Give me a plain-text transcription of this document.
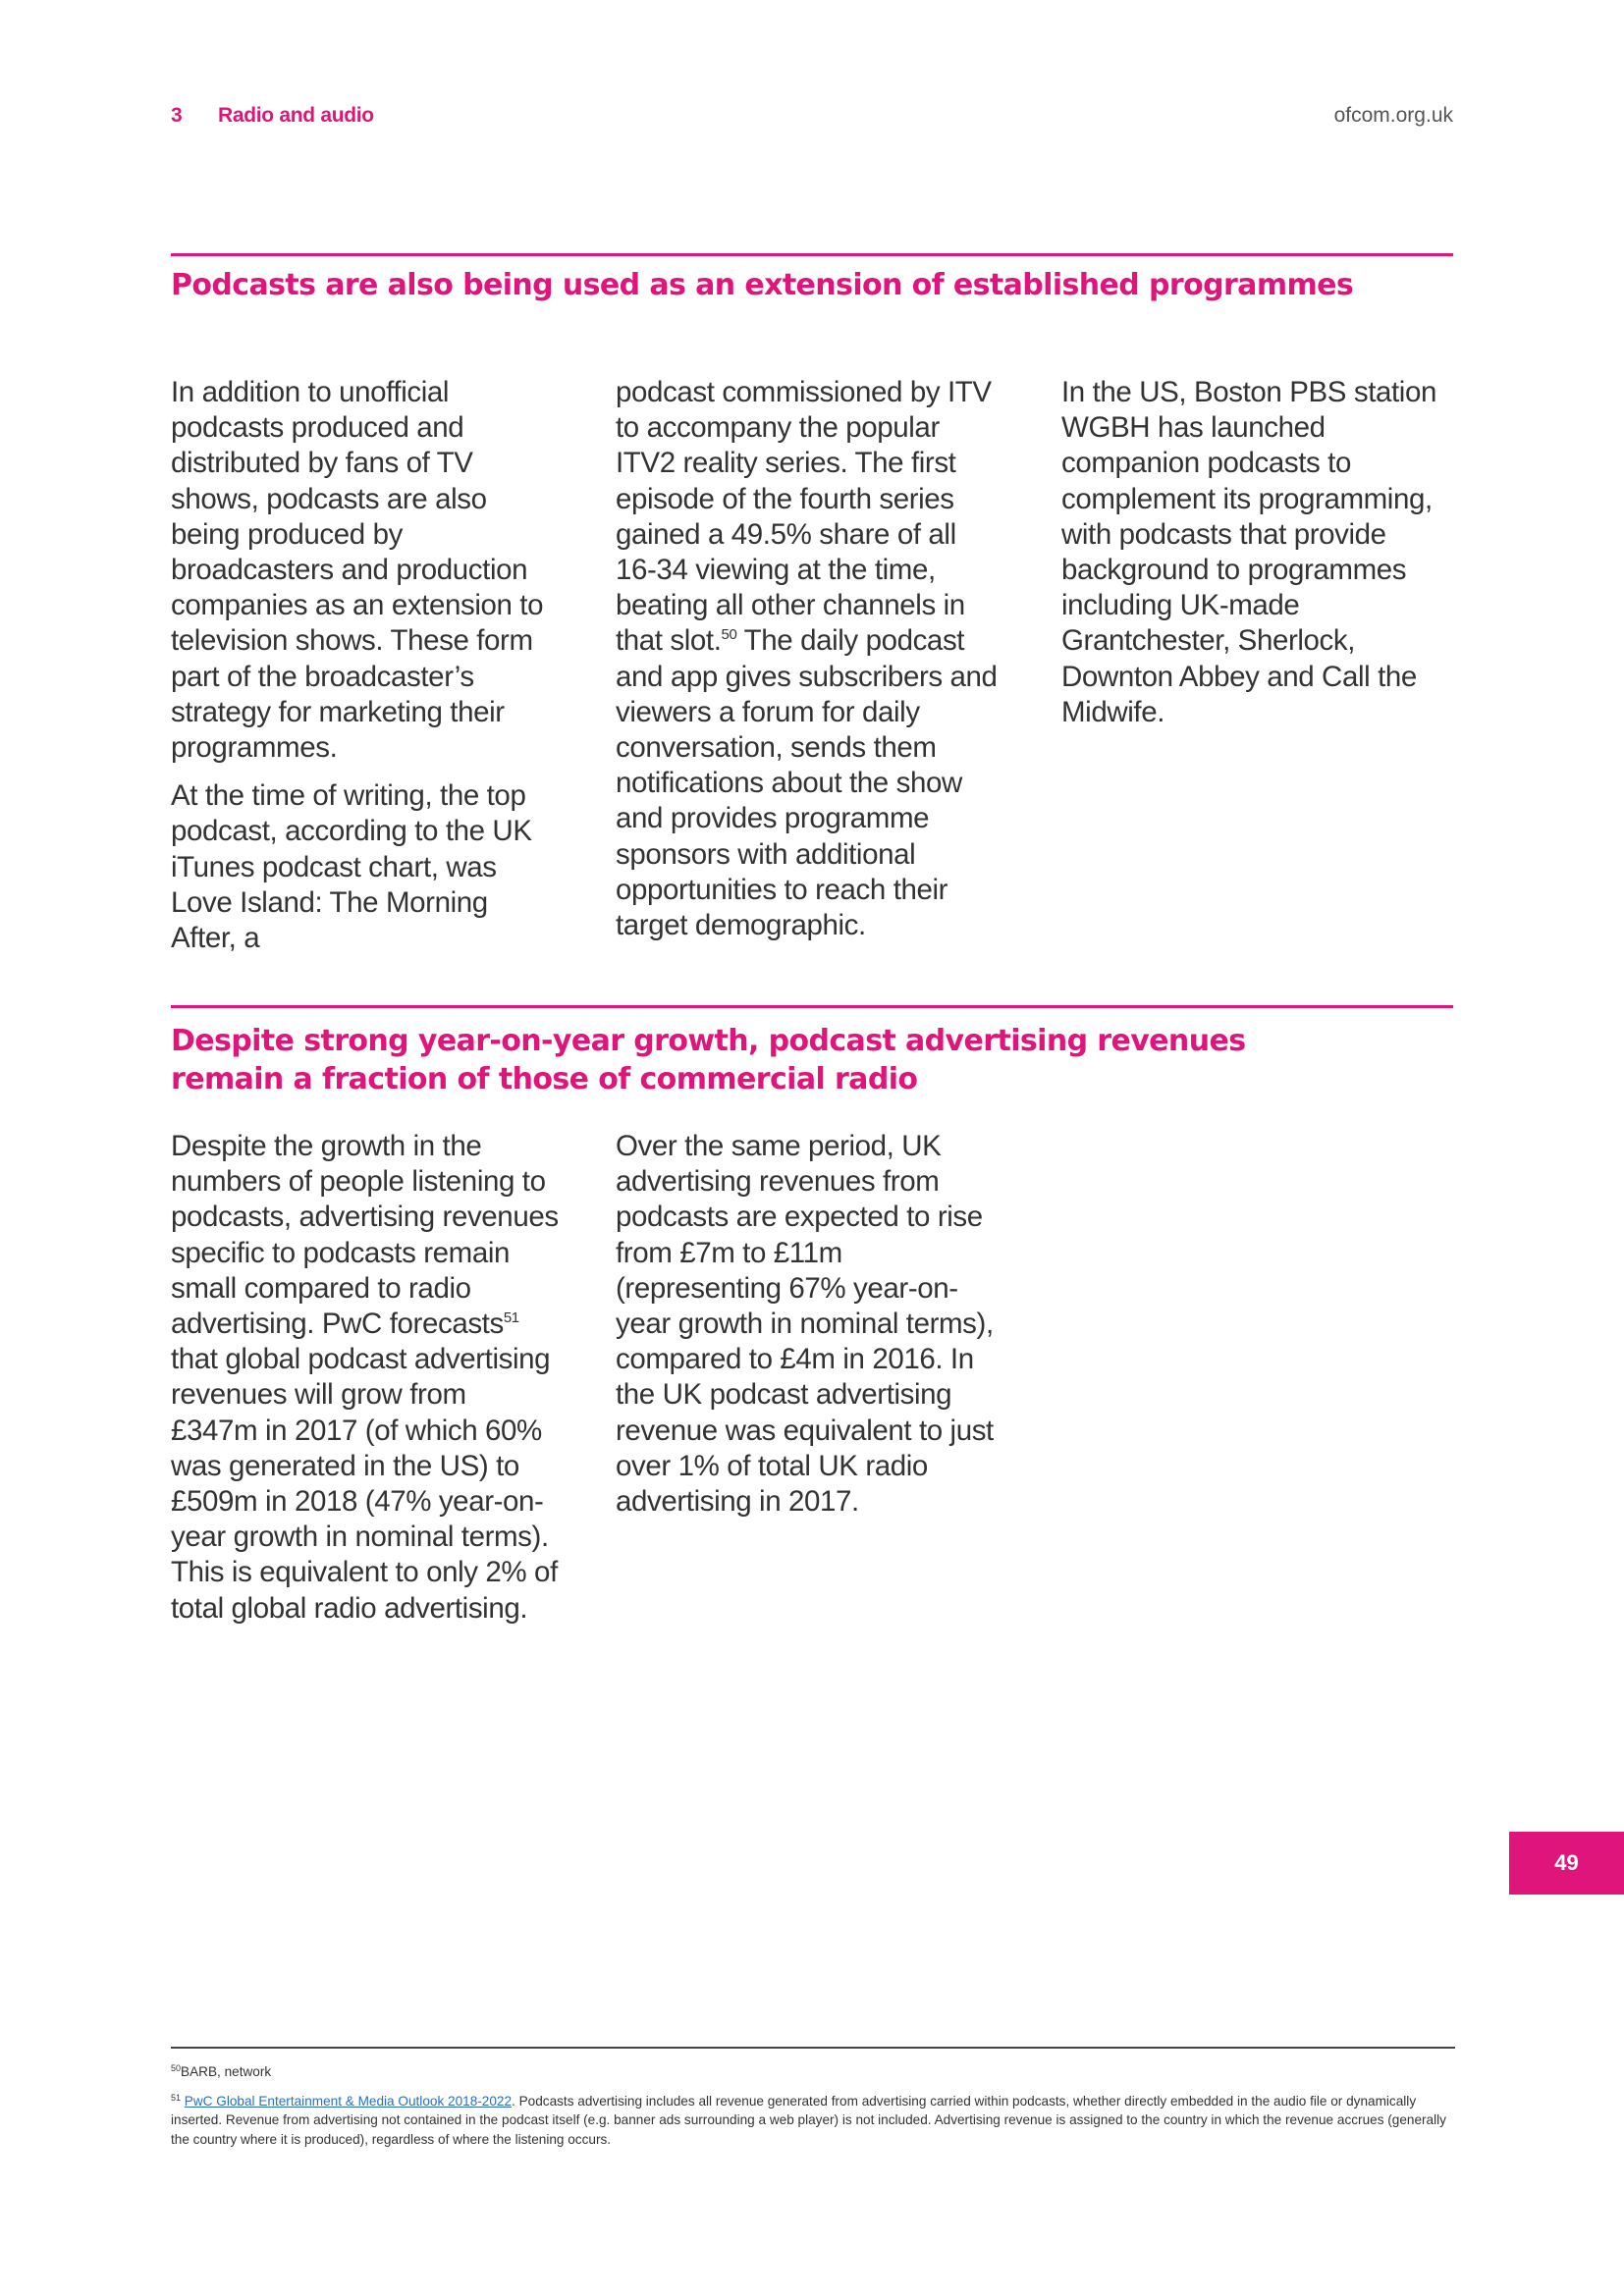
3 Radio and audio	ofcom.org.uk
Podcasts are also being used as an extension of established programmes

In addition to unofficial podcasts produced and distributed by fans of TV shows, podcasts are also being produced by broadcasters and production companies as an extension to television shows. These form part of the broadcaster’s strategy for marketing their programmes.

At the time of writing, the top podcast, according to the UK iTunes podcast chart, was Love Island: The Morning After, a

podcast commissioned by ITV to accompany the popular ITV2 reality series. The first episode of the fourth series gained a 49.5% share of all 16-34 viewing at the time, beating all other channels in that slot.$^{50}$ The daily podcast and app gives subscribers and viewers a forum for daily conversation, sends them notifications about the show and provides programme sponsors with additional opportunities to reach their target demographic.

In the US, Boston PBS station WGBH has launched companion podcasts to complement its programming, with podcasts that provide background to programmes including UK-made Grantchester, Sherlock, Downton Abbey and Call the Midwife.

Despite strong year-on-year growth, podcast advertising revenues
remain a fraction of those of commercial radio

Despite the growth in the numbers of people listening to podcasts, advertising revenues specific to podcasts remain small compared to radio advertising. PwC forecasts$^{51}$ that global podcast advertising revenues will grow from £347m in 2017 (of which 60% was generated in the US) to £509m in 2018 (47% year-on-year growth in nominal terms). This is equivalent to only 2% of total global radio advertising.

Over the same period, UK advertising revenues from podcasts are expected to rise from £7m to £11m (representing 67% year-on-year growth in nominal terms), compared to £4m in 2016. In the UK podcast advertising revenue was equivalent to just over 1% of total UK radio advertising in 2017.

49

$^{50}$BARB, network

$^{51}$ PwC Global Entertainment & Media Outlook 2018-2022. Podcasts advertising includes all revenue generated from advertising carried within podcasts, whether directly embedded in the audio file or dynamically inserted. Revenue from advertising not contained in the podcast itself (e.g. banner ads surrounding a web player) is not included. Advertising revenue is assigned to the country in which the revenue accrues (generally the country where it is produced), regardless of where the listening occurs.
